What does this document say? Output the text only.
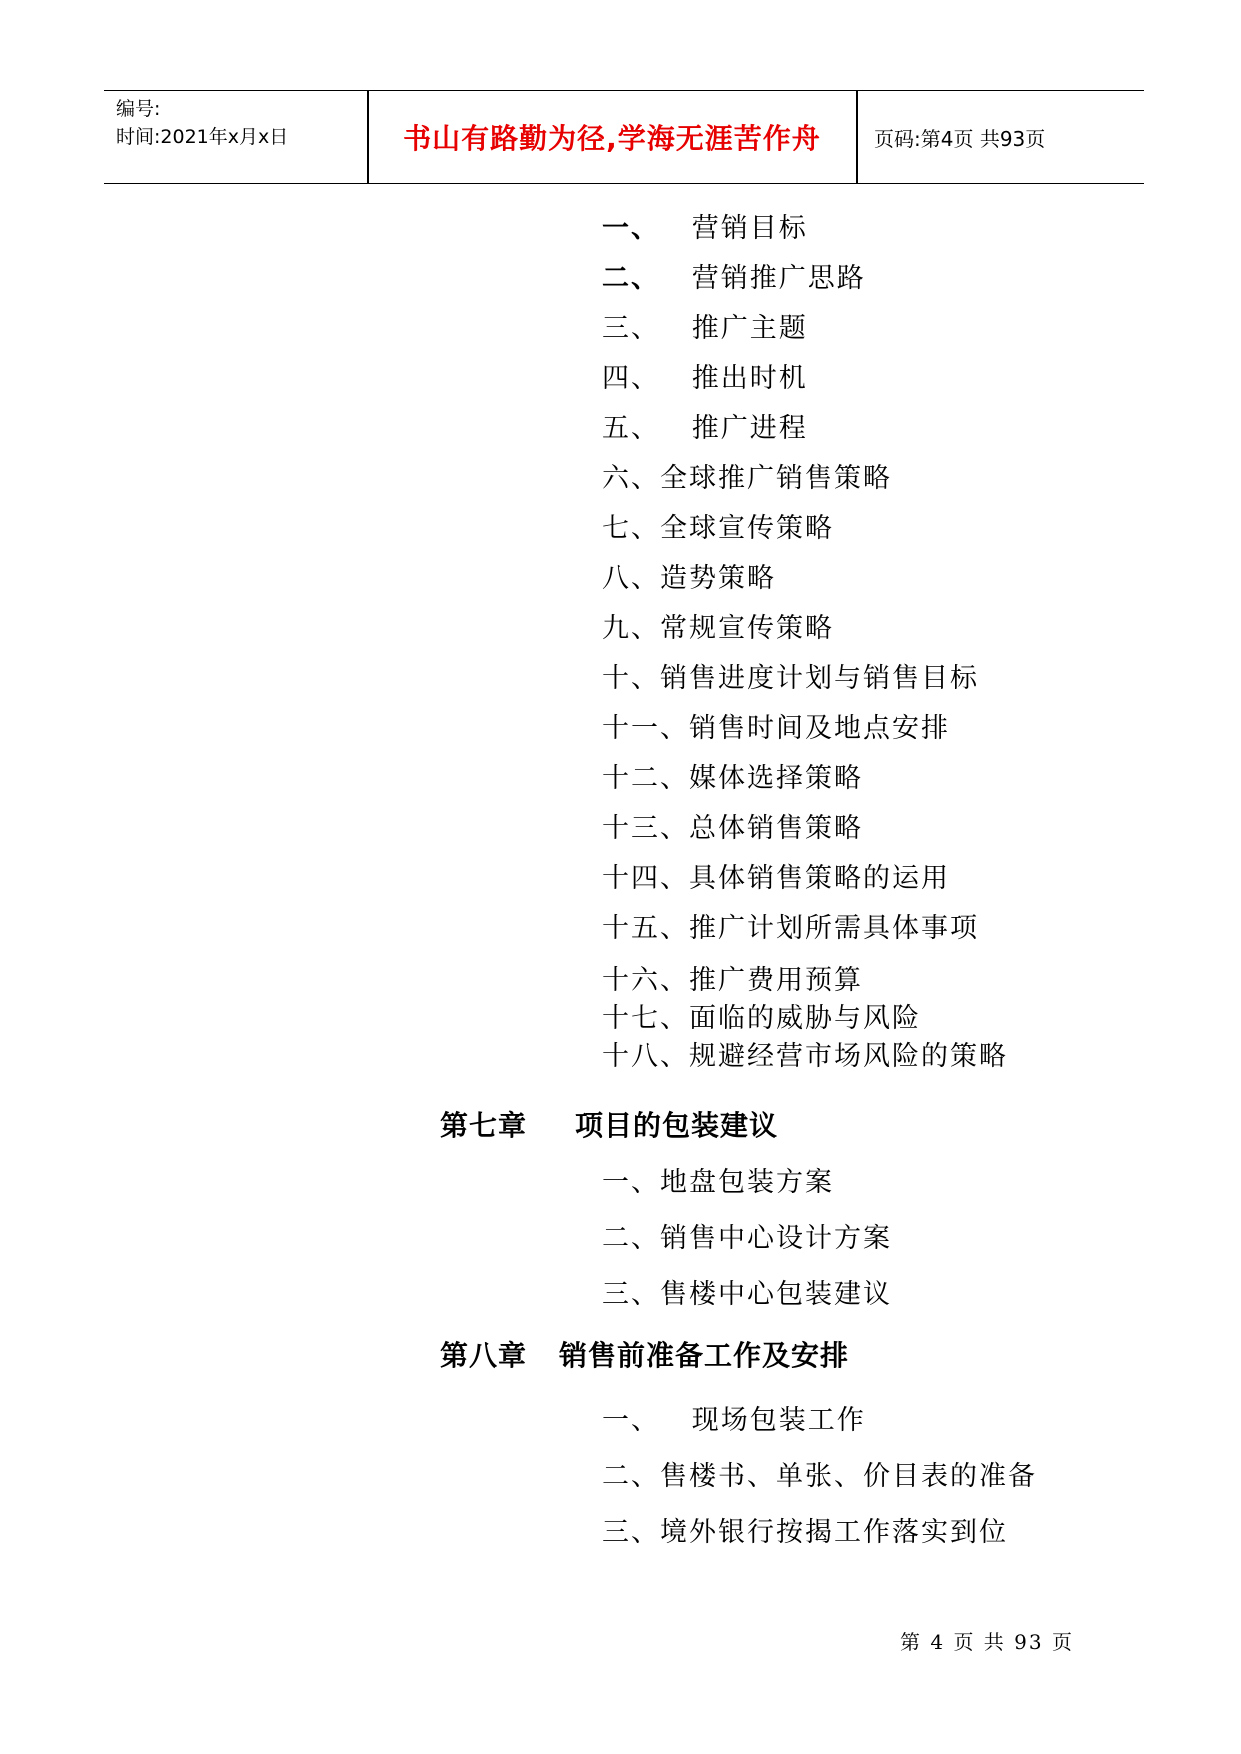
编号:
时间:2021年x月x日	书山有路勤为径,学海无涯苦作舟	页码:第4页 共93页
一、 营销目标
二、 营销推广思路
三、 推广主题
四、 推出时机
五、 推广进程
六、全球推广销售策略
七、全球宣传策略
八、造势策略
九、常规宣传策略
十、销售进度计划与销售目标
十一、销售时间及地点安排
十二、媒体选择策略
十三、总体销售策略
十四、具体销售策略的运用
十五、推广计划所需具体事项
十六、推广费用预算
十七、面临的威胁与风险
十八、规避经营市场风险的策略
第七章 项目的包装建议
一、地盘包装方案
二、销售中心设计方案
三、售楼中心包装建议
第八章 销售前准备工作及安排
一、 现场包装工作
二、售楼书、单张、价目表的准备
三、境外银行按揭工作落实到位
第 4 页 共 93 页
